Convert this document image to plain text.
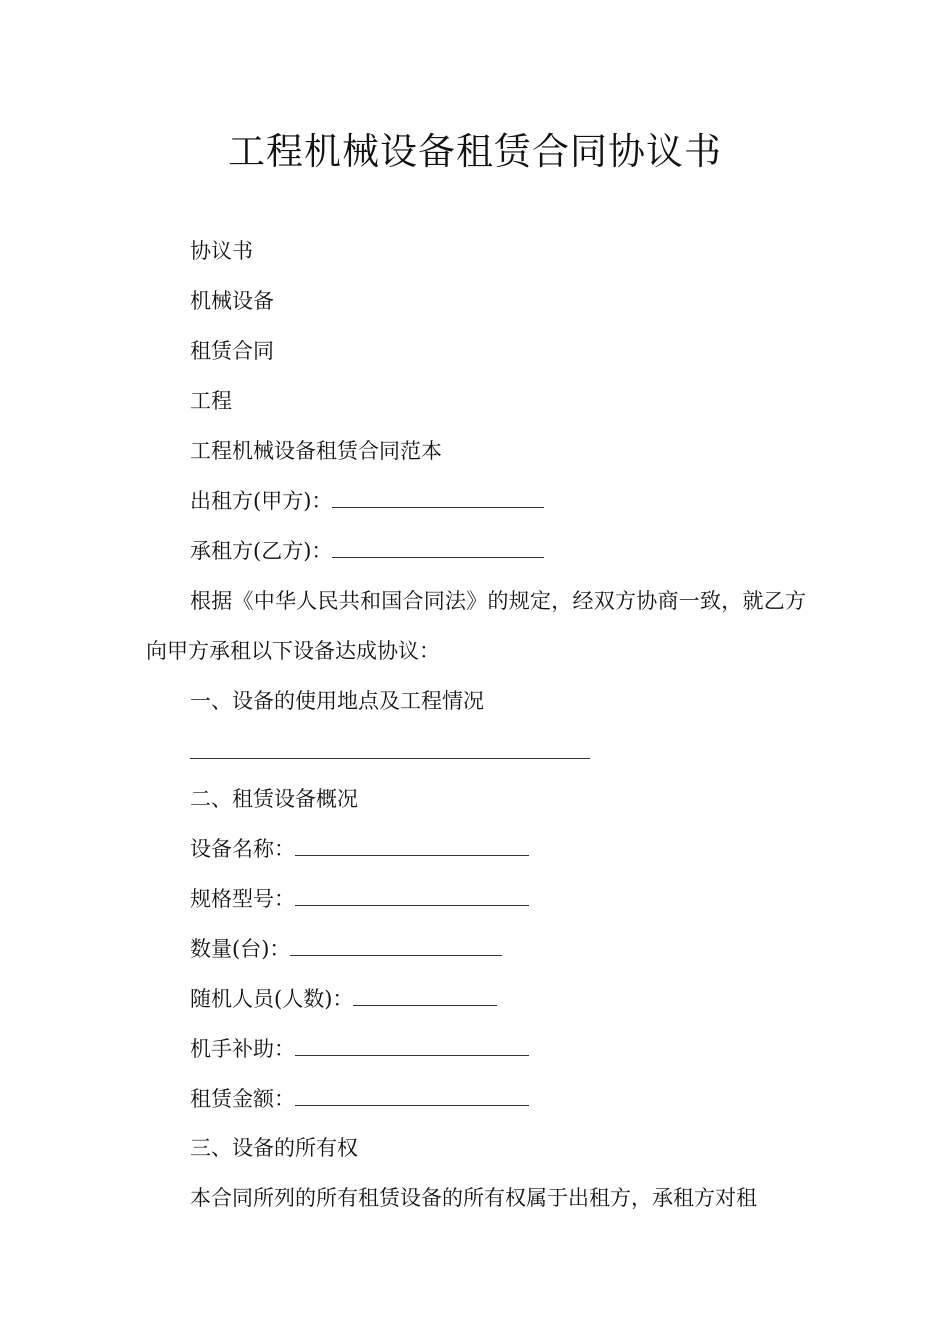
工程机械设备租赁合同协议书
协议书
机械设备
租赁合同
工程
工程机械设备租赁合同范本
出租方(甲方)：
承租方(乙方)：
根据《中华人民共和国合同法》的规定，经双方协商一致，就乙方向甲方承租以下设备达成协议：
一、设备的使用地点及工程情况
二、租赁设备概况
设备名称：
规格型号：
数量(台)：
随机人员(人数)：
机手补助：
租赁金额：
三、设备的所有权
本合同所列的所有租赁设备的所有权属于出租方，承租方对租
